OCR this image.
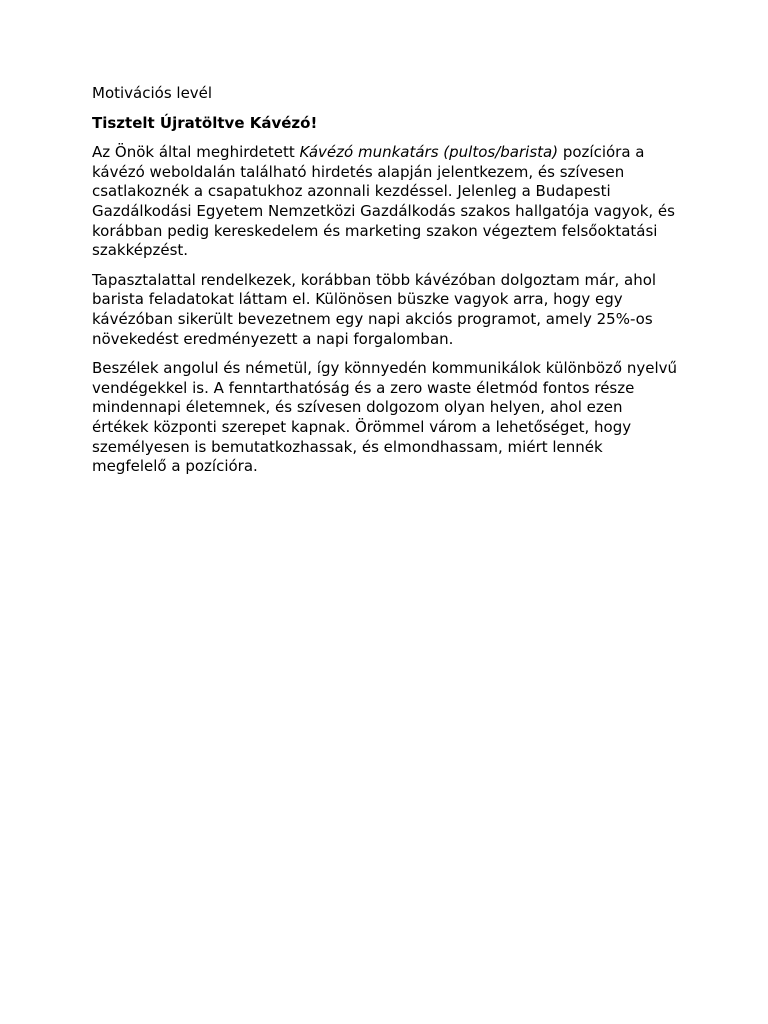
Motivációs levél

Tisztelt Újratöltve Kávézó!

Az Önök által meghirdetett Kávézó munkatárs (pultos/barista) pozícióra a kávézó weboldalán található hirdetés alapján jelentkezem, és szívesen csatlakoznék a csapatukhoz azonnali kezdéssel. Jelenleg a Budapesti Gazdálkodási Egyetem Nemzetközi Gazdálkodás szakos hallgatója vagyok, és korábban pedig kereskedelem és marketing szakon végeztem felsőoktatási szakképzést.

Tapasztalattal rendelkezek, korábban több kávézóban dolgoztam már, ahol barista feladatokat láttam el. Különösen büszke vagyok arra, hogy egy kávézóban sikerült bevezetnem egy napi akciós programot, amely 25%-os növekedést eredményezett a napi forgalomban.

Beszélek angolul és németül, így könnyedén kommunikálok különböző nyelvű vendégekkel is. A fenntarthatóság és a zero waste életmód fontos része mindennapi életemnek, és szívesen dolgozom olyan helyen, ahol ezen értékek központi szerepet kapnak. Örömmel várom a lehetőséget, hogy személyesen is bemutatkozhassak, és elmondhassam, miért lennék megfelelő a pozícióra.
